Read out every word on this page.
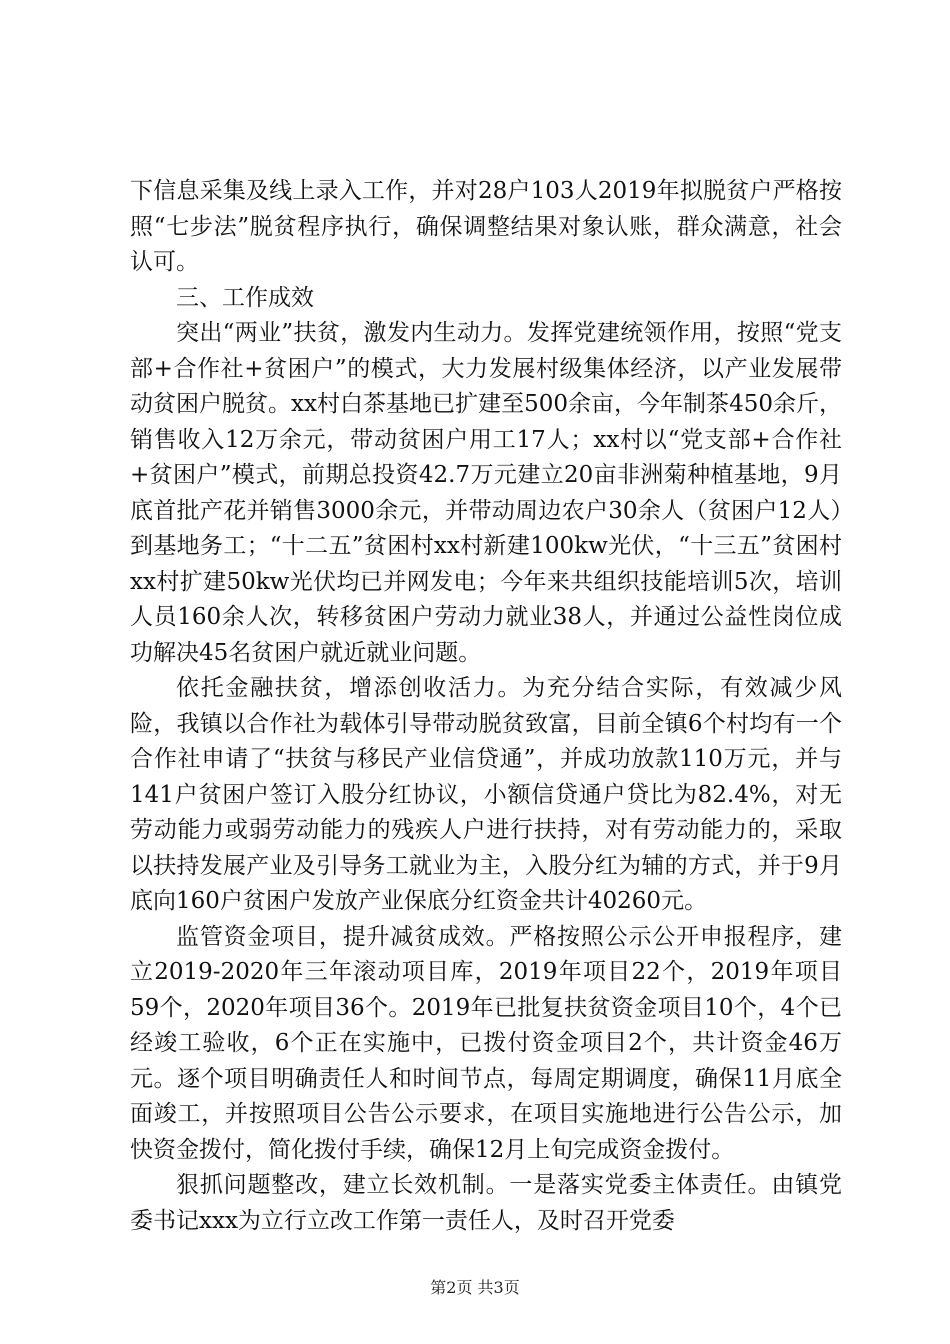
下信息采集及线上录入工作，并对28户103人2019年拟脱贫户严格按照“七步法”脱贫程序执行，确保调整结果对象认账，群众满意，社会认可。

三、工作成效

突出“两业”扶贫，激发内生动力。发挥党建统领作用，按照“党支部+合作社+贫困户”的模式，大力发展村级集体经济，以产业发展带动贫困户脱贫。xx村白茶基地已扩建至500余亩，今年制茶450余斤，销售收入12万余元，带动贫困户用工17人；xx村以“党支部+合作社+贫困户”模式，前期总投资42.7万元建立20亩非洲菊种植基地，9月底首批产花并销售3000余元，并带动周边农户30余人（贫困户12人）到基地务工；“十二五”贫困村xx村新建100kw光伏，“十三五”贫困村xx村扩建50kw光伏均已并网发电；今年来共组织技能培训5次，培训人员160余人次，转移贫困户劳动力就业38人，并通过公益性岗位成功解决45名贫困户就近就业问题。

依托金融扶贫，增添创收活力。为充分结合实际，有效减少风险，我镇以合作社为载体引导带动脱贫致富，目前全镇6个村均有一个合作社申请了“扶贫与移民产业信贷通”，并成功放款110万元，并与141户贫困户签订入股分红协议，小额信贷通户贷比为82.4%，对无劳动能力或弱劳动能力的残疾人户进行扶持，对有劳动能力的，采取以扶持发展产业及引导务工就业为主，入股分红为辅的方式，并于9月底向160户贫困户发放产业保底分红资金共计40260元。

监管资金项目，提升减贫成效。严格按照公示公开申报程序，建立2019-2020年三年滚动项目库，2019年项目22个，2019年项目59个，2020年项目36个。2019年已批复扶贫资金项目10个，4个已经竣工验收，6个正在实施中，已拨付资金项目2个，共计资金46万元。逐个项目明确责任人和时间节点，每周定期调度，确保11月底全面竣工，并按照项目公告公示要求，在项目实施地进行公告公示，加快资金拨付，简化拨付手续，确保12月上旬完成资金拨付。

狠抓问题整改，建立长效机制。一是落实党委主体责任。由镇党委书记xxx为立行立改工作第一责任人，及时召开党委

第2页 共3页
